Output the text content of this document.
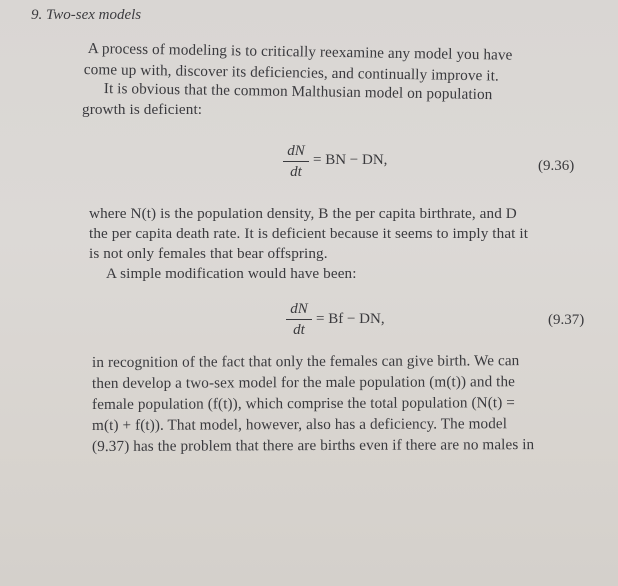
9. Two-sex models
A process of modeling is to critically reexamine any model you have
come up with, discover its deficiencies, and continually improve it.
It is obvious that the common Malthusian model on population
growth is deficient:
dN
dt
= BN − DN,	(9.36)
where N(t) is the population density, B the per capita birthrate, and D
the per capita death rate. It is deficient because it seems to imply that it
is not only females that bear offspring.
A simple modification would have been:
dN
dt
= Bf − DN,	(9.37)
in recognition of the fact that only the females can give birth. We can
then develop a two-sex model for the male population (m(t)) and the
female population (f(t)), which comprise the total population (N(t) =
m(t) + f(t)). That model, however, also has a deficiency. The model
(9.37) has the problem that there are births even if there are no males in
